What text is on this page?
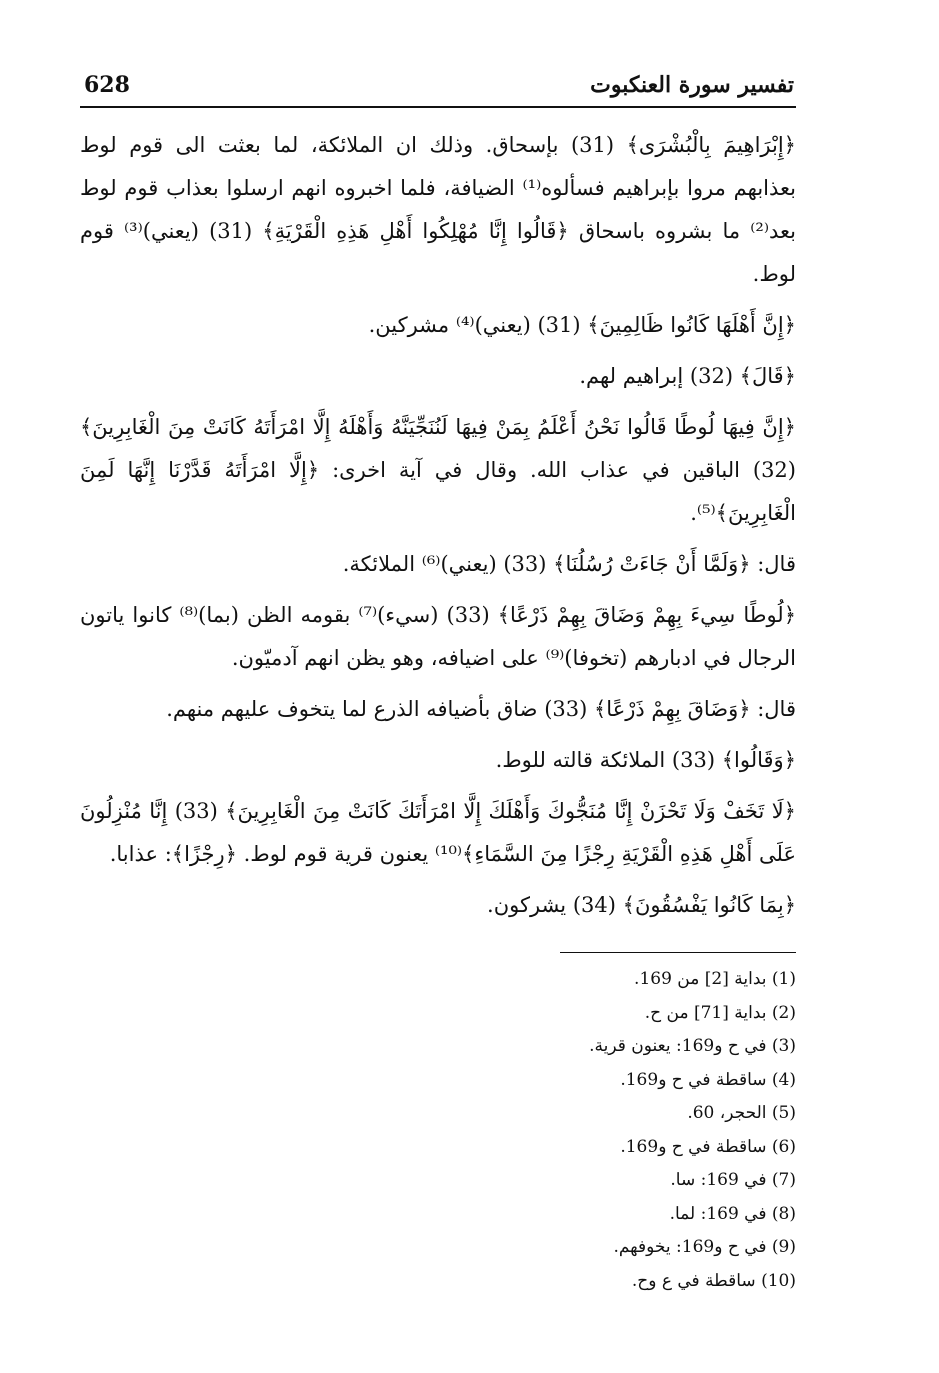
628	تفسير سورة العنكبوت

﴿إِبْرَاهِيمَ بِالْبُشْرَى﴾ (31) بإسحاق. وذلك ان الملائكة، لما بعثت الى قوم لوط بعذابهم مروا بإبراهيم فسألوه⁽¹⁾ الضيافة، فلما اخبروه انهم ارسلوا بعذاب قوم لوط بعد⁽²⁾ ما بشروه باسحاق ﴿قَالُوا إِنَّا مُهْلِكُوا أَهْلِ هَذِهِ الْقَرْيَةِ﴾ (31) (يعني)⁽³⁾ قوم لوط.

﴿إِنَّ أَهْلَهَا كَانُوا ظَالِمِينَ﴾ (31) (يعني)⁽⁴⁾ مشركين.

﴿قَالَ﴾ (32) إبراهيم لهم.

﴿إِنَّ فِيهَا لُوطًا قَالُوا نَحْنُ أَعْلَمُ بِمَنْ فِيهَا لَنُنَجِّيَنَّهُ وَأَهْلَهُ إِلَّا امْرَأَتَهُ كَانَتْ مِنَ الْغَابِرِينَ﴾ (32) الباقين في عذاب الله. وقال في آية اخرى: ﴿إِلَّا امْرَأَتَهُ قَدَّرْنَا إِنَّهَا لَمِنَ الْغَابِرِينَ﴾⁽⁵⁾.

قال: ﴿وَلَمَّا أَنْ جَاءَتْ رُسُلُنَا﴾ (33) (يعني)⁽⁶⁾ الملائكة.

﴿لُوطًا سِيءَ بِهِمْ وَضَاقَ بِهِمْ ذَرْعًا﴾ (33) (سيء)⁽⁷⁾ بقومه الظن (بما)⁽⁸⁾ كانوا ياتون الرجال في ادبارهم (تخوفا)⁽⁹⁾ على اضيافه، وهو يظن انهم آدميّون.

قال: ﴿وَضَاقَ بِهِمْ ذَرْعًا﴾ (33) ضاق بأضيافه الذرع لما يتخوف عليهم منهم.

﴿وَقَالُوا﴾ (33) الملائكة قالته للوط.

﴿لَا تَخَفْ وَلَا تَحْزَنْ إِنَّا مُنَجُّوكَ وَأَهْلَكَ إِلَّا امْرَأَتَكَ كَانَتْ مِنَ الْغَابِرِينَ﴾ (33) إِنَّا مُنْزِلُونَ عَلَى أَهْلِ هَذِهِ الْقَرْيَةِ رِجْزًا مِنَ السَّمَاءِ﴾⁽¹⁰⁾ يعنون قرية قوم لوط. ﴿رِجْزًا﴾: عذابا.

﴿بِمَا كَانُوا يَفْسُقُونَ﴾ (34) يشركون.

(1) بداية [2] من 169.
(2) بداية [71] من ح.
(3) في ح و169: يعنون قرية.
(4) ساقطة في ح و169.
(5) الحجر، 60.
(6) ساقطة في ح و169.
(7) في 169: سا.
(8) في 169: لما.
(9) في ح و169: يخوفهم.
(10) ساقطة في ع وح.
